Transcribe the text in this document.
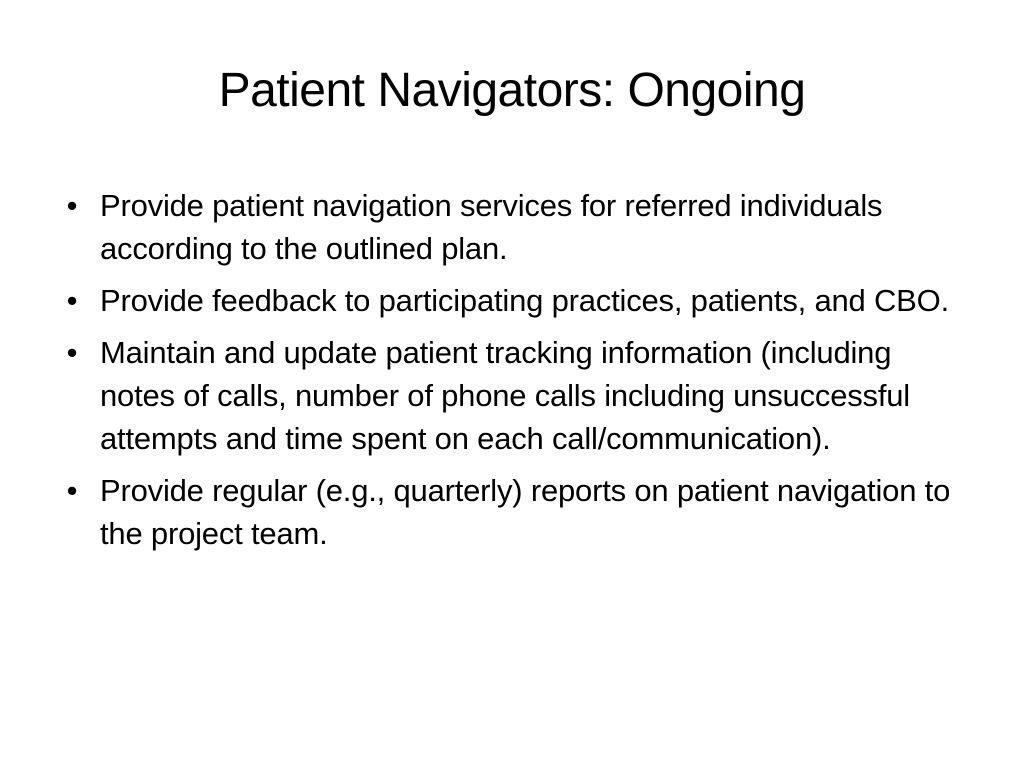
Patient Navigators: Ongoing
• Provide patient navigation services for referred individuals according to the outlined plan.
• Provide feedback to participating practices, patients, and CBO.
• Maintain and update patient tracking information (including notes of calls, number of phone calls including unsuccessful attempts and time spent on each call/communication).
• Provide regular (e.g., quarterly) reports on patient navigation to the project team.
